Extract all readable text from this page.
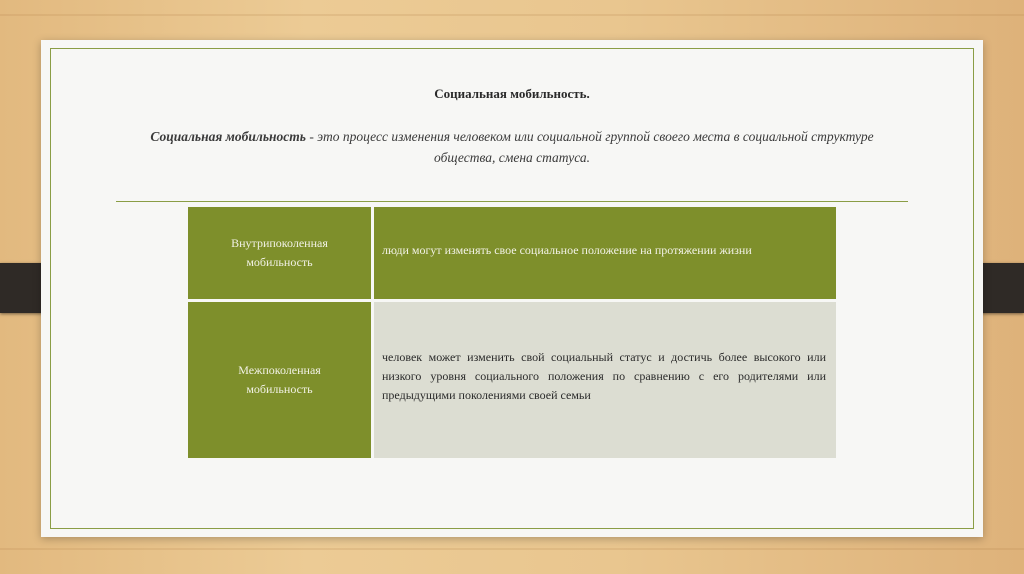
Социальная мобильность.
Социальная мобильность - это процесс изменения человеком или социальной группой своего места в социальной структуре общества, смена статуса.
Внутрипоколенная мобильность
люди могут изменять свое социальное положение на протяжении жизни
Межпоколенная мобильность
человек может изменить свой социальный статус и достичь более высокого или низкого уровня социального положения по сравнению с его родителями или предыдущими поколениями своей семьи
